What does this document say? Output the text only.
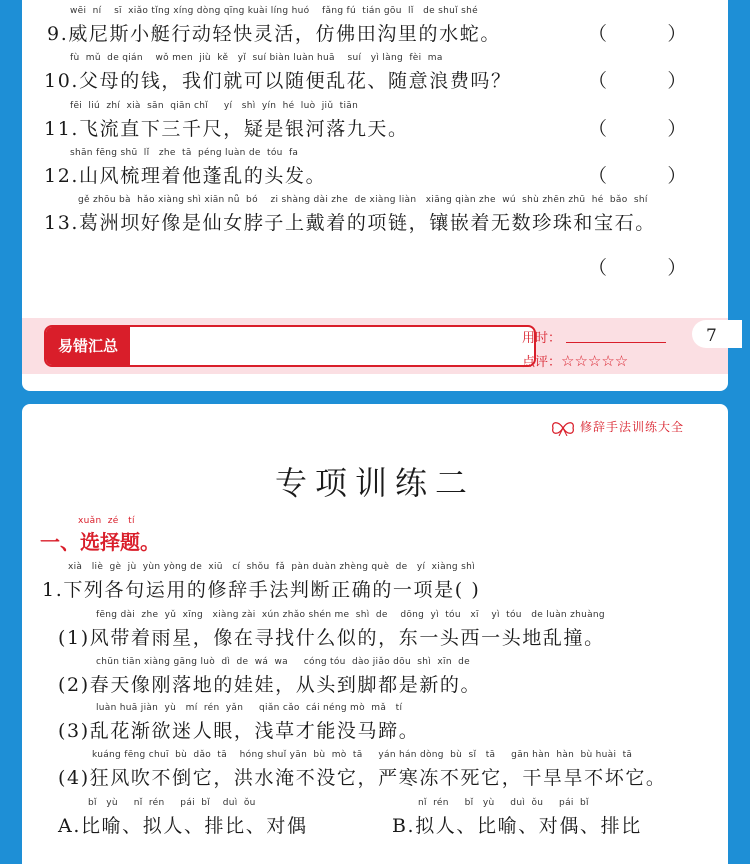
wēi  ní    sī  xiǎo tǐng xíng dòng qīng kuài líng huó    fǎng fú  tián gōu  lǐ   de shuǐ shé
9.威尼斯小艇行动轻快灵活，仿佛田沟里的水蛇。	（          ）
fù  mǔ  de qián    wǒ men  jiù  kě   yǐ  suí biàn luàn huā    suí   yì làng  fèi  ma
10.父母的钱，我们就可以随便乱花、随意浪费吗？	（          ）
fēi  liú  zhí  xià  sān  qiān chǐ     yí   shì  yín  hé  luò  jiǔ  tiān
11.飞流直下三千尺，疑是银河落九天。	（          ）
shān fēng shū  lǐ   zhe  tā  péng luàn de  tóu  fa
12.山风梳理着他蓬乱的头发。	（          ）
gě zhōu bà  hǎo xiàng shì xiān nǚ  bó    zi shàng dài zhe  de xiàng liàn   xiāng qiàn zhe  wú  shù zhēn zhū  hé  bǎo  shí
13.葛洲坝好像是仙女脖子上戴着的项链，镶嵌着无数珍珠和宝石。
（          ）
易错汇总	用时：
点评：☆☆☆☆☆
7
修辞手法训练大全
专项训练二
xuǎn  zé   tí
一、选择题。
xià   liè  gè  jù  yùn yòng de  xiū   cí  shǒu  fǎ  pàn duàn zhèng què  de   yí  xiàng shì
1.下列各句运用的修辞手法判断正确的一项是( )
fēng dài  zhe  yǔ  xīng   xiàng zài  xún zhǎo shén me  shì  de    dōng  yì  tóu   xī    yì  tóu   de luàn zhuàng
(1)风带着雨星，像在寻找什么似的，东一头西一头地乱撞。
chūn tiān xiàng gāng luò  dì  de  wá  wa     cóng tóu  dào jiǎo dōu  shì  xīn  de
(2)春天像刚落地的娃娃，从头到脚都是新的。
luàn huā jiàn  yù   mí  rén  yǎn     qiǎn cǎo  cái néng mò  mǎ   tí
(3)乱花渐欲迷人眼，浅草才能没马蹄。
kuáng fēng chuī  bù  dǎo  tā    hóng shuǐ yān  bù  mò  tā     yán hán dòng  bù  sǐ   tā     gān hàn  hàn  bù huài  tā
(4)狂风吹不倒它，洪水淹不没它，严寒冻不死它，干旱旱不坏它。
bǐ   yù     nǐ  rén     pái  bǐ    duì  ǒu
A.比喻、拟人、排比、对偶
nǐ  rén     bǐ   yù     duì  ǒu     pái  bǐ
B.拟人、比喻、对偶、排比
